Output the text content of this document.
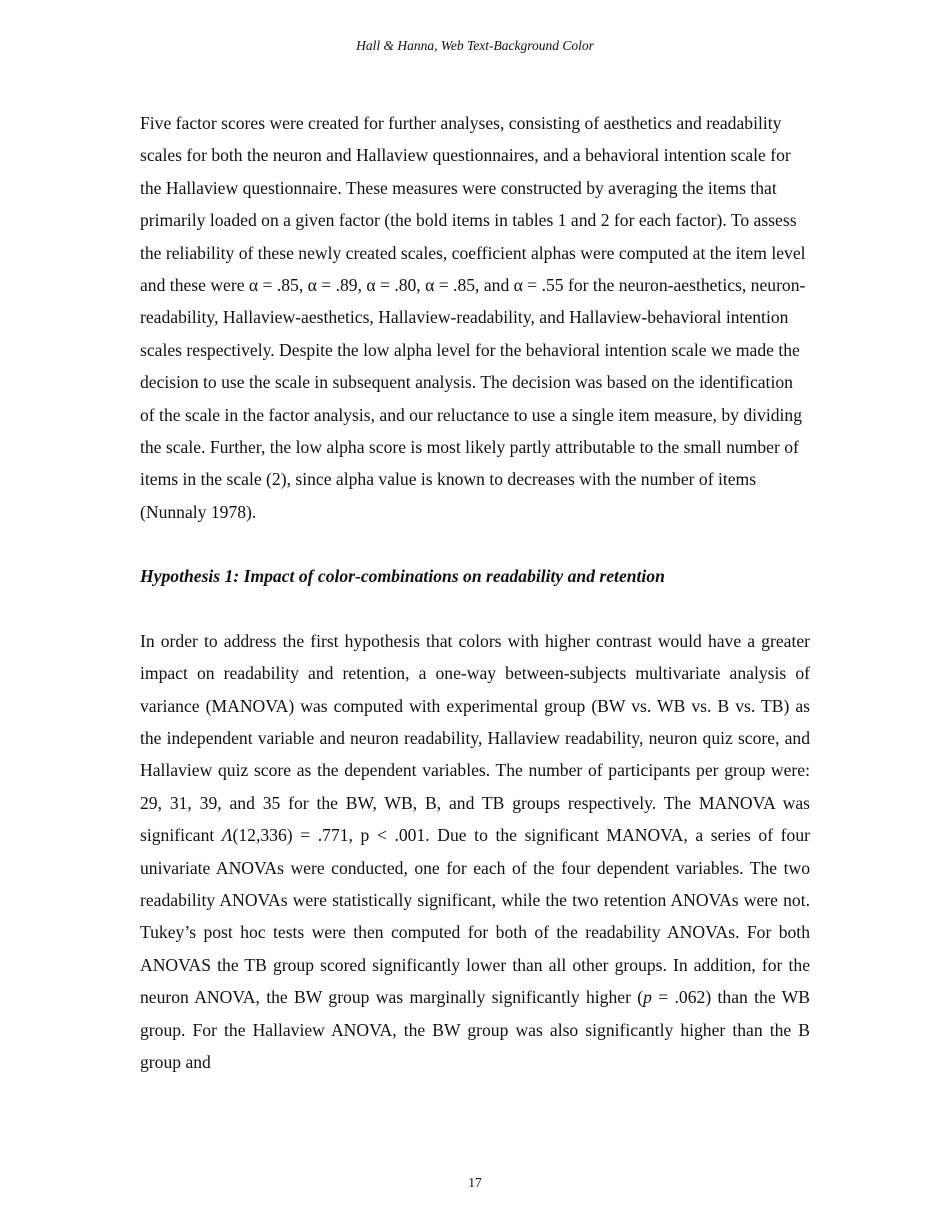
Hall & Hanna, Web Text-Background Color

Five factor scores were created for further analyses, consisting of aesthetics and readability scales for both the neuron and Hallaview questionnaires, and a behavioral intention scale for the Hallaview questionnaire. These measures were constructed by averaging the items that primarily loaded on a given factor (the bold items in tables 1 and 2 for each factor). To assess the reliability of these newly created scales, coefficient alphas were computed at the item level and these were α = .85, α = .89, α = .80, α = .85, and α = .55 for the neuron-aesthetics, neuron-readability, Hallaview-aesthetics, Hallaview-readability, and Hallaview-behavioral intention scales respectively. Despite the low alpha level for the behavioral intention scale we made the decision to use the scale in subsequent analysis. The decision was based on the identification of the scale in the factor analysis, and our reluctance to use a single item measure, by dividing the scale. Further, the low alpha score is most likely partly attributable to the small number of items in the scale (2), since alpha value is known to decreases with the number of items (Nunnaly 1978).

Hypothesis 1: Impact of color-combinations on readability and retention

In order to address the first hypothesis that colors with higher contrast would have a greater impact on readability and retention, a one-way between-subjects multivariate analysis of variance (MANOVA) was computed with experimental group (BW vs. WB vs. B vs. TB) as the independent variable and neuron readability, Hallaview readability, neuron quiz score, and Hallaview quiz score as the dependent variables. The number of participants per group were: 29, 31, 39, and 35 for the BW, WB, B, and TB groups respectively. The MANOVA was significant Λ(12,336) = .771, p < .001. Due to the significant MANOVA, a series of four univariate ANOVAs were conducted, one for each of the four dependent variables. The two readability ANOVAs were statistically significant, while the two retention ANOVAs were not. Tukey’s post hoc tests were then computed for both of the readability ANOVAs. For both ANOVAS the TB group scored significantly lower than all other groups. In addition, for the neuron ANOVA, the BW group was marginally significantly higher (p = .062) than the WB group. For the Hallaview ANOVA, the BW group was also significantly higher than the B group and

17
